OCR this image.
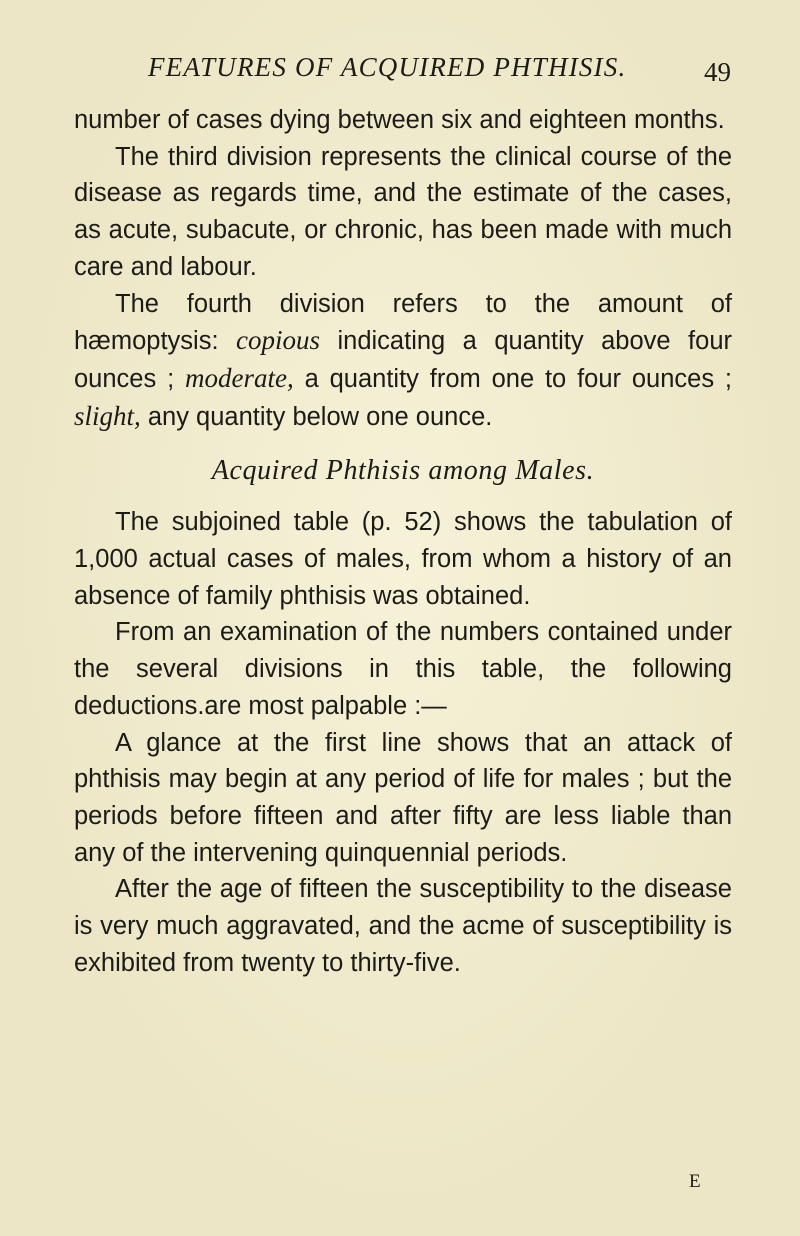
FEATURES OF ACQUIRED PHTHISIS.	49

number of cases dying between six and eighteen months.

The third division represents the clinical course of the disease as regards time, and the estimate of the cases, as acute, subacute, or chronic, has been made with much care and labour.

The fourth division refers to the amount of hæmoptysis: copious indicating a quantity above four ounces ; moderate, a quantity from one to four ounces ; slight, any quantity below one ounce.

Acquired Phthisis among Males.

The subjoined table (p. 52) shows the tabulation of 1,000 actual cases of males, from whom a history of an absence of family phthisis was obtained.

From an examination of the numbers contained under the several divisions in this table, the following deductions.are most palpable :—

A glance at the first line shows that an attack of phthisis may begin at any period of life for males ; but the periods before fifteen and after fifty are less liable than any of the intervening quinquennial periods.

After the age of fifteen the susceptibility to the disease is very much aggravated, and the acme of susceptibility is exhibited from twenty to thirty-five.

E
